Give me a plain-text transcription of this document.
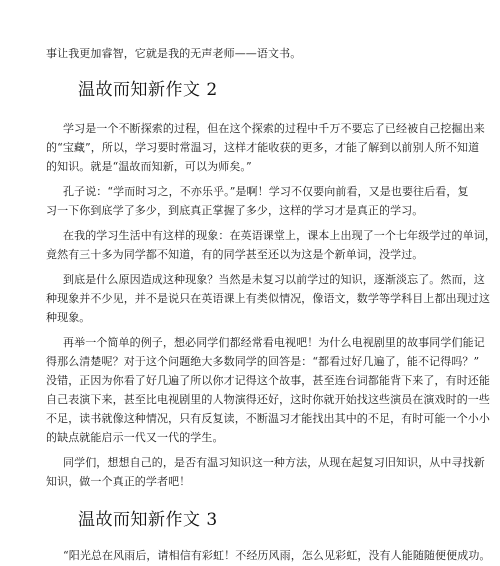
事让我更加睿智，它就是我的无声老师——语文书。
温故而知新作文 2
学习是一个不断探索的过程，但在这个探索的过程中千万不要忘了已经被自己挖掘出来
的“宝藏”，所以，学习要时常温习，这样才能收获的更多，才能了解到以前别人所不知道
的知识。就是“温故而知新，可以为师矣。”
孔子说：“学而时习之，不亦乐乎。”是啊！学习不仅要向前看，又是也要往后看，复
习一下你到底学了多少，到底真正掌握了多少，这样的学习才是真正的学习。
在我的学习生活中有这样的现象：在英语课堂上，课本上出现了一个七年级学过的单词，
竟然有三十多为同学都不知道，有的同学甚至还以为这是个新单词，没学过。
到底是什么原因造成这种现象？当然是未复习以前学过的知识，逐渐淡忘了。然而，这
种现象并不少见，并不是说只在英语课上有类似情况，像语文，数学等学科目上都出现过这
种现象。
再举一个简单的例子，想必同学们都经常看电视吧！为什么电视剧里的故事同学们能记
得那么清楚呢？对于这个问题绝大多数同学的回答是：“都看过好几遍了，能不记得吗？”
没错，正因为你看了好几遍了所以你才记得这个故事，甚至连台词都能背下来了，有时还能
自己表演下来，甚至比电视剧里的人物演得还好，这时你就开始找这些演员在演戏时的一些
不足，读书就像这种情况，只有反复读，不断温习才能找出其中的不足，有时可能一个小小
的缺点就能启示一代又一代的学生。
同学们，想想自己的，是否有温习知识这一种方法，从现在起复习旧知识，从中寻找新
知识，做一个真正的学者吧！
温故而知新作文 3
“阳光总在风雨后，请相信有彩虹！不经历风雨，怎么见彩虹，没有人能随随便便成功。
